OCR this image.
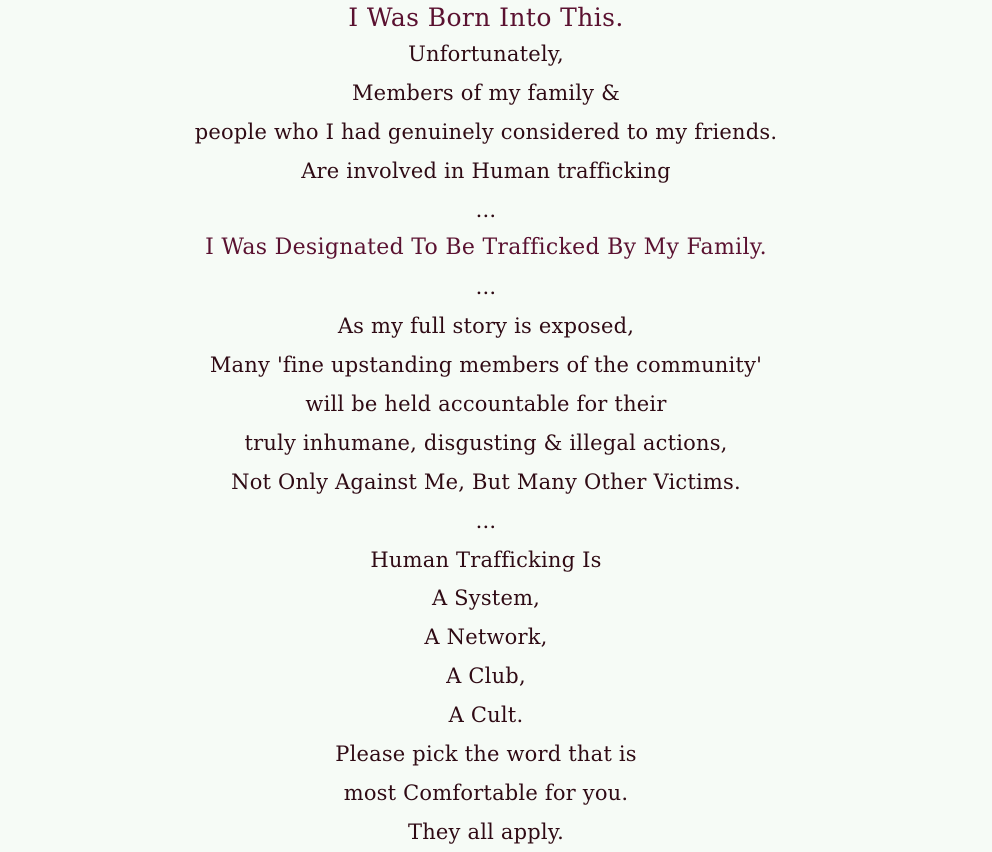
I Was Born Into This.
Unfortunately,
Members of my family &
people who I had genuinely considered to my friends.
Are involved in Human trafficking
...
I Was Designated To Be Trafficked By My Family.
...
As my full story is exposed,
Many 'fine upstanding members of the community'
will be held accountable for their
truly inhumane, disgusting & illegal actions,
Not Only Against Me, But Many Other Victims.
...
Human Trafficking Is
A System,
A Network,
A Club,
A Cult.
Please pick the word that is
most Comfortable for you.
They all apply.
